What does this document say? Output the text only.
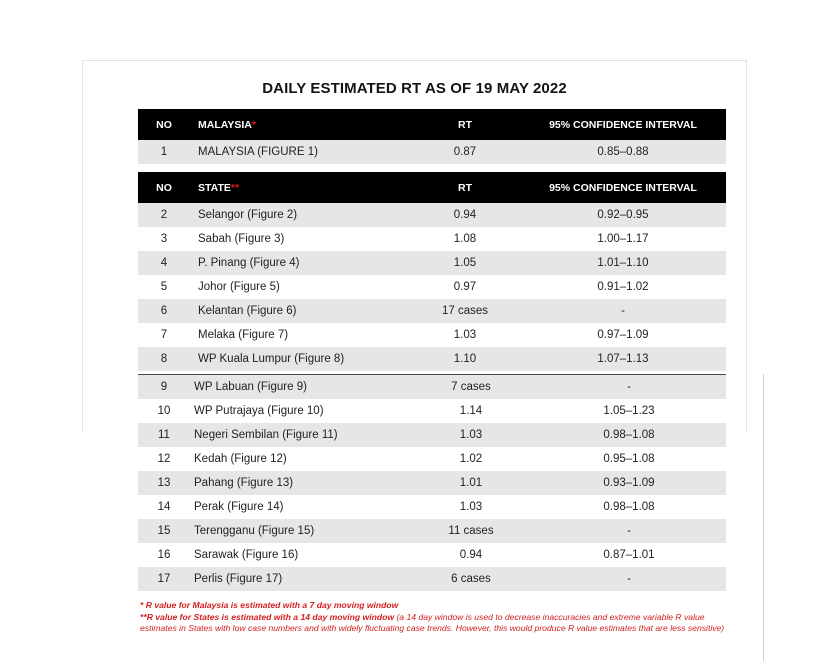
DAILY ESTIMATED RT AS OF 19 MAY 2022
NO	MALAYSIA*	RT	95% CONFIDENCE INTERVAL
1	MALAYSIA (FIGURE 1)	0.87	0.85–0.88
NO	STATE**	RT	95% CONFIDENCE INTERVAL
2	Selangor (Figure 2)	0.94	0.92–0.95
3	Sabah (Figure 3)	1.08	1.00–1.17
4	P. Pinang (Figure 4)	1.05	1.01–1.10
5	Johor (Figure 5)	0.97	0.91–1.02
6	Kelantan (Figure 6)	17 cases	-
7	Melaka (Figure 7)	1.03	0.97–1.09
8	WP Kuala Lumpur (Figure 8)	1.10	1.07–1.13
9	WP Labuan (Figure 9)	7 cases	-
10	WP Putrajaya (Figure 10)	1.14	1.05–1.23
11	Negeri Sembilan (Figure 11)	1.03	0.98–1.08
12	Kedah (Figure 12)	1.02	0.95–1.08
13	Pahang (Figure 13)	1.01	0.93–1.09
14	Perak (Figure 14)	1.03	0.98–1.08
15	Terengganu (Figure 15)	11 cases	-
16	Sarawak (Figure 16)	0.94	0.87–1.01
17	Perlis (Figure 17)	6 cases	-
* R value for Malaysia is estimated with a 7 day moving window
**R value for States is estimated with a 14 day moving window (a 14 day window is used to decrease inaccuracies and extreme variable R value estimates in States with low case numbers and with widely fluctuating case trends. However, this would produce R value estimates that are less sensitive)
